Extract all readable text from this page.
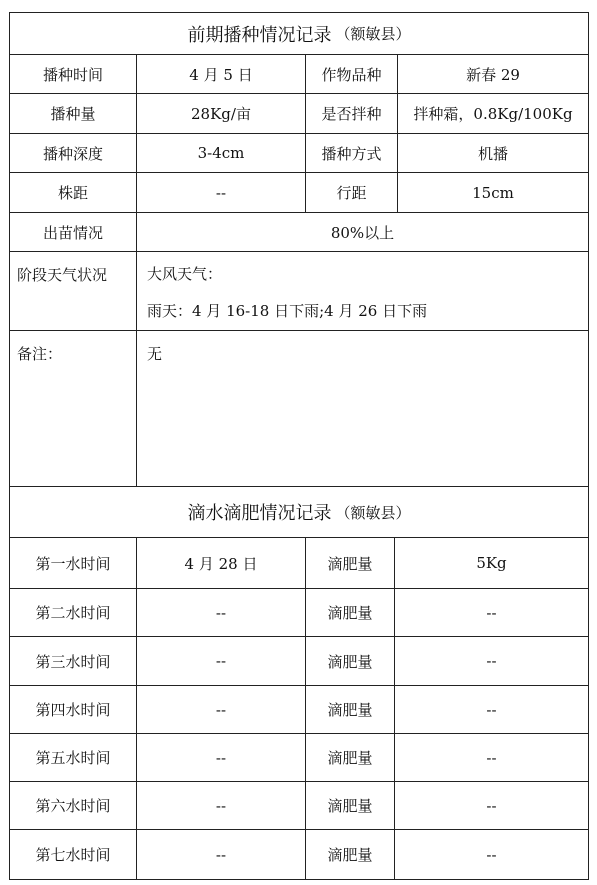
前期播种情况记录 （额敏县）
播种时间	4 月 5 日	作物品种	新春 29
播种量	28Kg/亩	是否拌种	拌种霜，0.8Kg/100Kg
播种深度	3-4cm	播种方式	机播
株距	--	行距	15cm
出苗情况	80%以上
阶段天气状况	大风天气：
雨天：4 月 16-18 日下雨;4 月 26 日下雨
备注：	无
滴水滴肥情况记录 （额敏县）
第一水时间	4 月 28 日	滴肥量	5Kg
第二水时间	--	滴肥量	--
第三水时间	--	滴肥量	--
第四水时间	--	滴肥量	--
第五水时间	--	滴肥量	--
第六水时间	--	滴肥量	--
第七水时间	--	滴肥量	--
